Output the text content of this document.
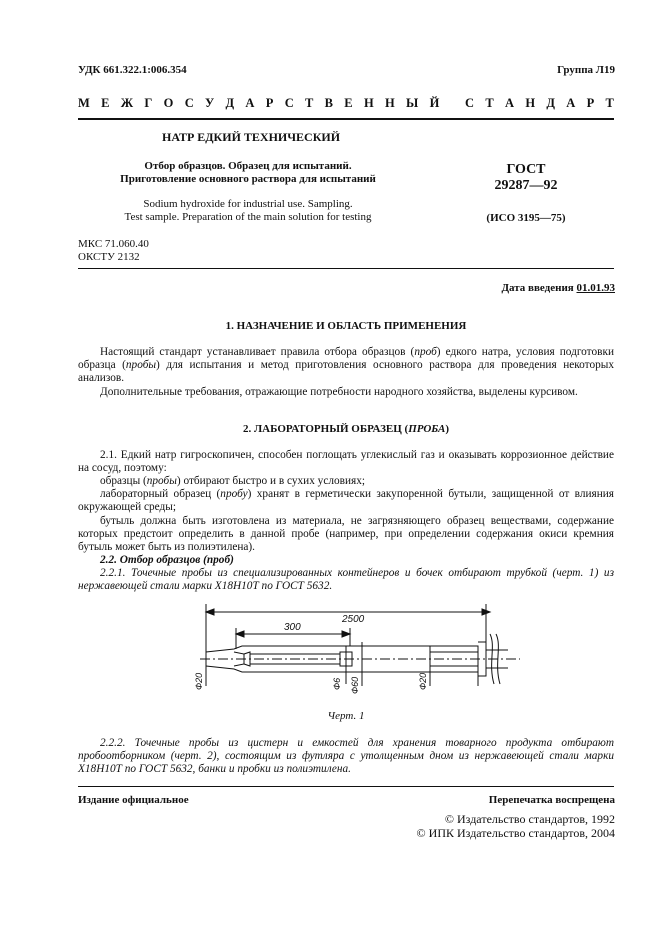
УДК 661.322.1:006.354	Группа Л19
М Е Ж Г О С У Д А Р С Т В Е Н Н Ы Й
С Т А Н Д А Р Т
НАТР ЕДКИЙ ТЕХНИЧЕСКИЙ
Отбор образцов. Образец для испытаний.
Приготовление основного раствора для испытаний
Sodium hydroxide for industrial use. Sampling.
Test sample. Preparation of the main solution for testing
ГОСТ
29287—92
(ИСО 3195—75)
МКС 71.060.40
ОКСТУ 2132
Дата введения 01.01.93
1. НАЗНАЧЕНИЕ И ОБЛАСТЬ ПРИМЕНЕНИЯ
Настоящий стандарт устанавливает правила отбора образцов (проб) едкого натра, условия подготовки образца (пробы) для испытания и метод приготовления основного раствора для проведения некоторых анализов.
Дополнительные требования, отражающие потребности народного хозяйства, выделены курсивом.
2. ЛАБОРАТОРНЫЙ ОБРАЗЕЦ (ПРОБА)
2.1. Едкий натр гигроскопичен, способен поглощать углекислый газ и оказывать коррозионное действие на сосуд, поэтому:
образцы (пробы) отбирают быстро и в сухих условиях;
лабораторный образец (пробу) хранят в герметически закупоренной бутыли, защищенной от влияния окружающей среды;
бутыль должна быть изготовлена из материала, не загрязняющего образец веществами, содержание которых предстоит определить в данной пробе (например, при определении содержания окиси кремния бутыль может быть из полиэтилена).
2.2. Отбор образцов (проб)
2.2.1. Точечные пробы из специализированных контейнеров и бочек отбирают трубкой (черт. 1) из нержавеющей стали марки Х18Н10Т по ГОСТ 5632.
2500
300
Ф20	Ф6 Ф60	Ф20
Черт. 1
2.2.2. Точечные пробы из цистерн и емкостей для хранения товарного продукта отбирают пробоотборником (черт. 2), состоящим из футляра с утолщенным дном из нержавеющей стали марки Х18Н10Т по ГОСТ 5632, банки и пробки из полиэтилена.
Издание официальное	Перепечатка воспрещена
© Издательство стандартов, 1992
© ИПК Издательство стандартов, 2004
